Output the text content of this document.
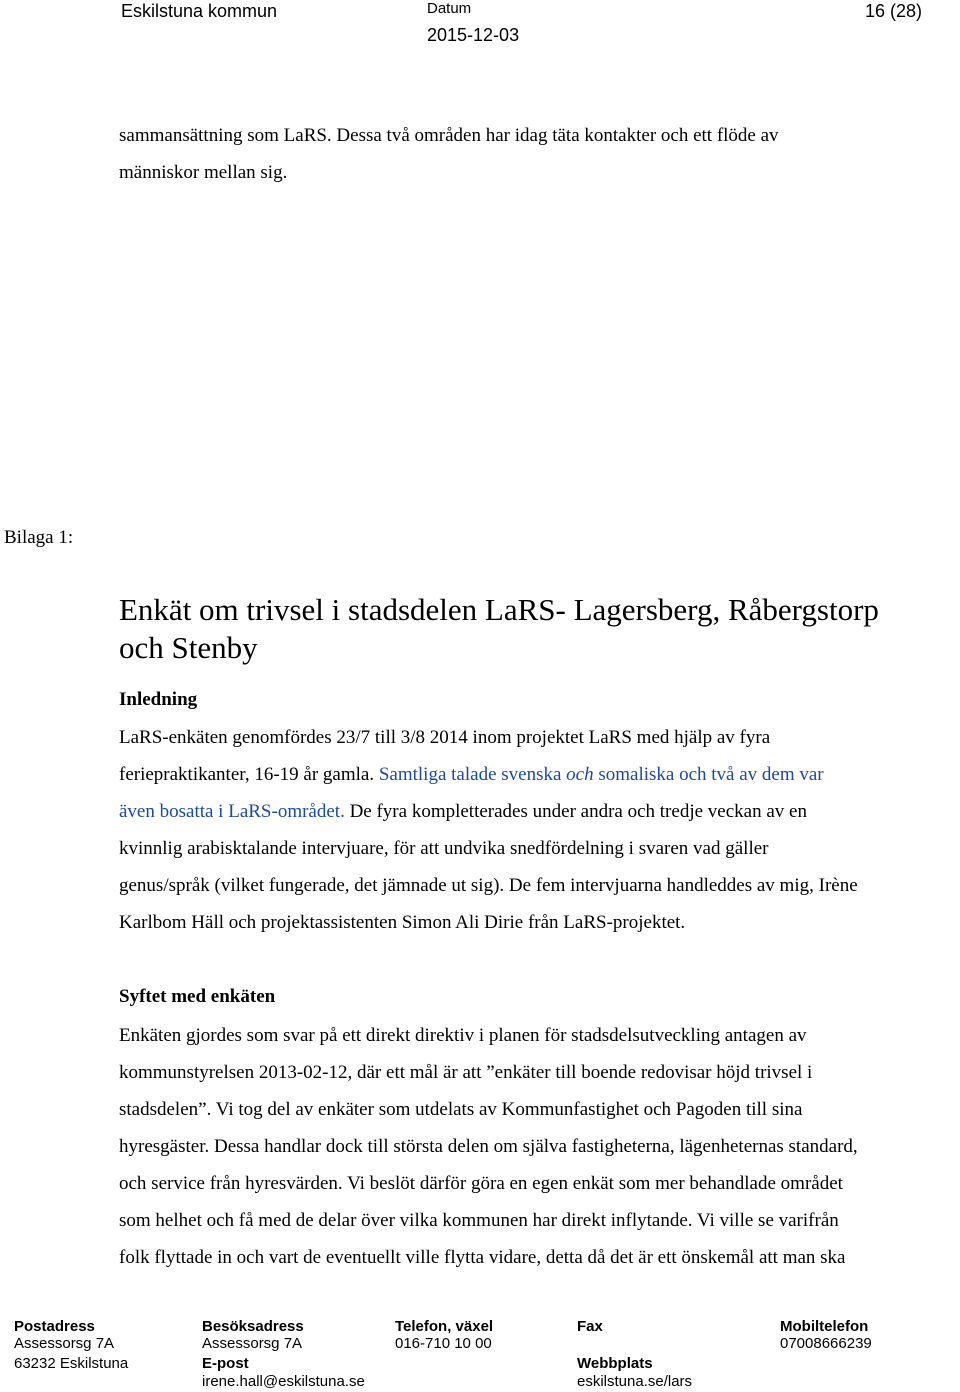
Eskilstuna kommun	Datum
2015-12-03
16 (28)
sammansättning som LaRS. Dessa två områden har idag täta kontakter och ett flöde av
människor mellan sig.
Bilaga 1:
Enkät om trivsel i stadsdelen LaRS- Lagersberg, Råbergstorp
och Stenby
Inledning
LaRS-enkäten genomfördes 23/7 till 3/8 2014 inom projektet LaRS med hjälp av fyra
feriepraktikanter, 16-19 år gamla. Samtliga talade svenska och somaliska och två av dem var
även bosatta i LaRS-området. De fyra kompletterades under andra och tredje veckan av en
kvinnlig arabisktalande intervjuare, för att undvika snedfördelning i svaren vad gäller
genus/språk (vilket fungerade, det jämnade ut sig). De fem intervjuarna handleddes av mig, Irène
Karlbom Häll och projektassistenten Simon Ali Dirie från LaRS-projektet.
Syftet med enkäten
Enkäten gjordes som svar på ett direkt direktiv i planen för stadsdelsutveckling antagen av
kommunstyrelsen 2013-02-12, där ett mål är att ”enkäter till boende redovisar höjd trivsel i
stadsdelen”. Vi tog del av enkäter som utdelats av Kommunfastighet och Pagoden till sina
hyresgäster. Dessa handlar dock till största delen om själva fastigheterna, lägenheternas standard,
och service från hyresvärden. Vi beslöt därför göra en egen enkät som mer behandlade området
som helhet och få med de delar över vilka kommunen har direkt inflytande. Vi ville se varifrån
folk flyttade in och vart de eventuellt ville flytta vidare, detta då det är ett önskemål att man ska
Postadress
Assessorsg 7A
63232 Eskilstuna
Besöksadress
Assessorsg 7A
E-post
irene.hall@eskilstuna.se
Telefon, växel
016-710 10 00
Fax
Webbplats
eskilstuna.se/lars
Mobiltelefon
07008666239
